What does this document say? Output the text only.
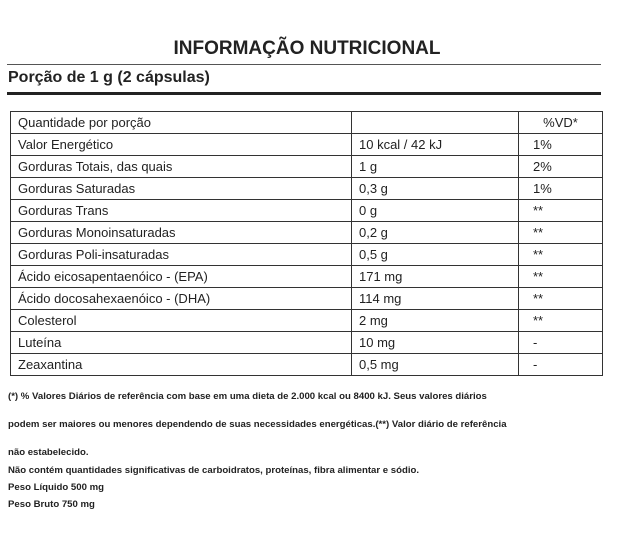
INFORMAÇÃO NUTRICIONAL
Porção de 1 g (2 cápsulas)
Quantidade por porção		%VD*
Valor Energético	10 kcal / 42 kJ	1%
Gorduras Totais, das quais	1 g	2%
Gorduras Saturadas	0,3 g	1%
Gorduras Trans	0 g	**
Gorduras Monoinsaturadas	0,2 g	**
Gorduras Poli-insaturadas	0,5 g	**
Ácido eicosapentaenóico - (EPA)	171 mg	**
Ácido docosahexaenóico - (DHA)	114 mg	**
Colesterol	2 mg	**
Luteína	10 mg	-
Zeaxantina	0,5 mg	-
(*) % Valores Diários de referência com base em uma dieta de 2.000 kcal ou 8400 kJ. Seus valores diários
podem ser maiores ou menores dependendo de suas necessidades energéticas.(**) Valor diário de referência
não estabelecido.
Não contém quantidades significativas de carboidratos, proteínas, fibra alimentar e sódio.
Peso Líquido 500 mg
Peso Bruto 750 mg
